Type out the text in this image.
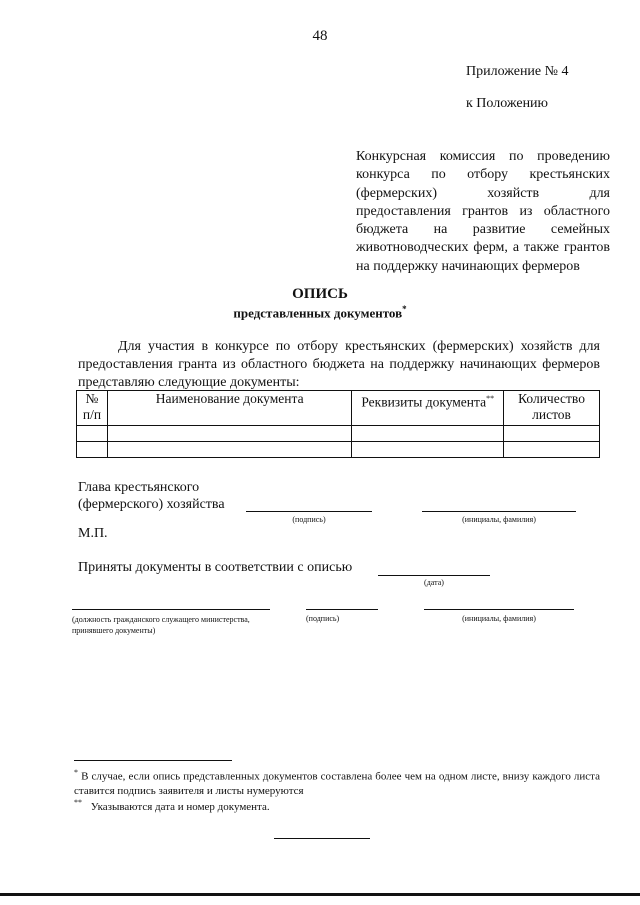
48
Приложение № 4
к Положению
Конкурсная комиссия по проведению конкурса по отбору крестьянских (фермерских) хозяйств для предоставления грантов из областного бюджета на развитие семейных животноводческих ферм, а также грантов на поддержку начинающих фермеров
ОПИСЬ
представленных документов*
Для участия в конкурсе по отбору крестьянских (фермерских) хозяйств для предоставления гранта из областного бюджета на поддержку начинающих фермеров представляю следующие документы:
№ п/п	Наименование документа	Реквизиты документа**	Количество листов

Глава крестьянского
(фермерского) хозяйства
(подпись)	(инициалы, фамилия)
М.П.
Приняты документы в соответствии с описью
(дата)
(должность гражданского служащего министерства, принявшего документы)
(подпись)	(инициалы, фамилия)
* В случае, если опись представленных документов составлена более чем на одном листе, внизу каждого листа ставится подпись заявителя и листы нумеруются
** Указываются дата и номер документа.
